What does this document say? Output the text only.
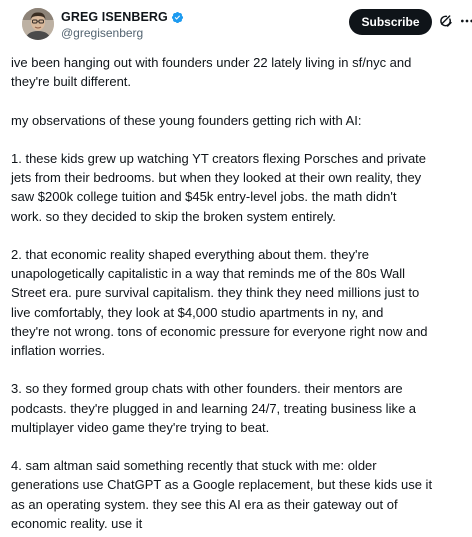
GREG ISENBERG
@gregisenberg
Subscribe

ive been hanging out with founders under 22 lately living in sf/nyc and
they're built different.

my observations of these young founders getting rich with AI:

1. these kids grew up watching YT creators flexing Porsches and private
jets from their bedrooms. but when they looked at their own reality, they
saw $200k college tuition and $45k entry-level jobs. the math didn't
work. so they decided to skip the broken system entirely.

2. that economic reality shaped everything about them. they're
unapologetically capitalistic in a way that reminds me of the 80s Wall
Street era. pure survival capitalism. they think they need millions just to
live comfortably, they look at $4,000 studio apartments in ny, and
they're not wrong. tons of economic pressure for everyone right now and
inflation worries.

3. so they formed group chats with other founders. their mentors are
podcasts. they're plugged in and learning 24/7, treating business like a
multiplayer video game they're trying to beat.

4. sam altman said something recently that stuck with me: older
generations use ChatGPT as a Google replacement, but these kids use it
as an operating system. they see this AI era as their gateway out of
economic reality. use it
